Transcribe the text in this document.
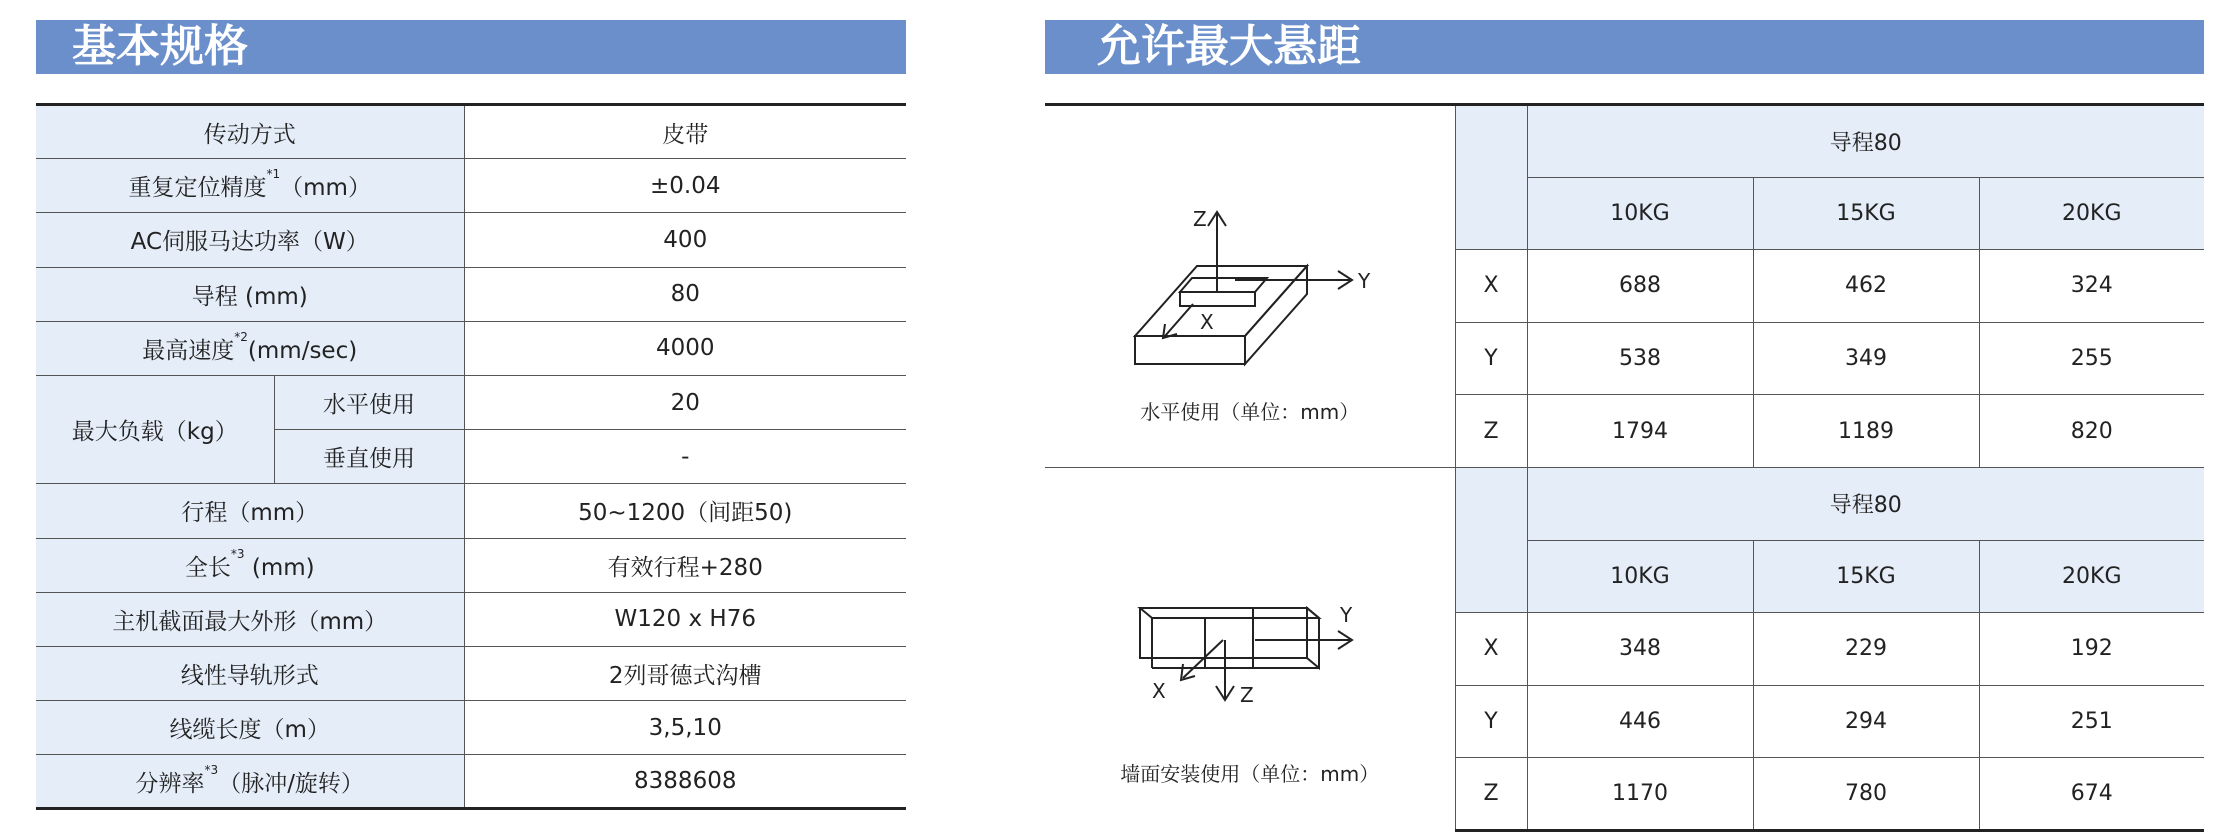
基本规格	允许最大悬距
传动方式		皮带
重复定位精度$^{*1}$（mm）		±0.04
AC伺服马达功率（W）		400
导程 (mm)		80
最高速度$^{*2}$(mm/sec)		4000
最大负载（kg）	水平使用	20
	垂直使用	-
行程（mm）		50~1200（间距50)
全长$^{*3}$ (mm)		有效行程+280
主机截面最大外形（mm）		W120 x H76
线性导轨形式		2列哥德式沟槽
线缆长度（m）		3,5,10
分辨率$^{*3}$（脉冲/旋转）		8388608
Z
Y
X
水平使用（单位：mm）		导程80		
		10KG	15KG	20KG
	X	688	462	324
	Y	538	349	255
	Z	1794	1189	820
Y
X Z
墙面安装使用（单位：mm）		导程80		
		10KG	15KG	20KG
	X	348	229	192
	Y	446	294	251
	Z	1170	780	674
